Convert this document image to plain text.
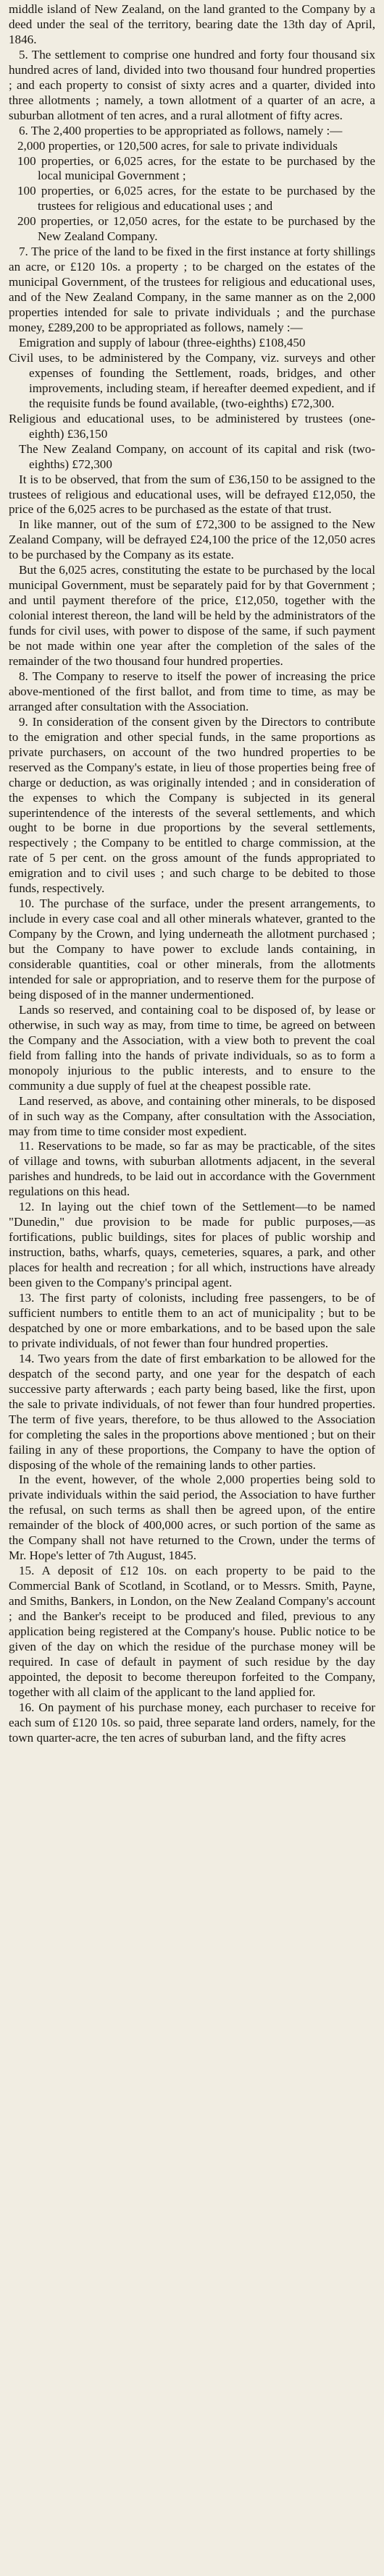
middle island of New Zealand, on the land granted to the Company by a deed under the seal of the territory, bearing date the 13th day of April, 1846.

5. The settlement to comprise one hundred and forty four thousand six hundred acres of land, divided into two thousand four hundred properties ; and each property to consist of sixty acres and a quarter, divided into three allotments ; namely, a town allotment of a quarter of an acre, a suburban allotment of ten acres, and a rural allotment of fifty acres.

6. The 2,400 properties to be appropriated as follows, namely :—

2,000 properties, or 120,500 acres, for sale to private individuals

100 properties, or 6,025 acres, for the estate to be purchased by the local municipal Government ;

100 properties, or 6,025 acres, for the estate to be purchased by the trustees for religious and educational uses ; and

200 properties, or 12,050 acres, for the estate to be purchased by the New Zealand Company.

7. The price of the land to be fixed in the first instance at forty shillings an acre, or £120 10s. a property ; to be charged on the estates of the municipal Government, of the trustees for religious and educational uses, and of the New Zealand Company, in the same manner as on the 2,000 properties intended for sale to private individuals ; and the purchase money, £289,200 to be appropriated as follows, namely :—

Emigration and supply of labour (three-eighths) £108,450

Civil uses, to be administered by the Company, viz. surveys and other expenses of founding the Settlement, roads, bridges, and other improvements, including steam, if hereafter deemed expedient, and if the requisite funds be found available, (two-eighths) £72,300.

Religious and educational uses, to be administered by trustees (one-eighth) £36,150

The New Zealand Company, on account of its capital and risk (two-eighths) £72,300

It is to be observed, that from the sum of £36,150 to be assigned to the trustees of religious and educational uses, will be defrayed £12,050, the price of the 6,025 acres to be purchased as the estate of that trust.

In like manner, out of the sum of £72,300 to be assigned to the New Zealand Company, will be defrayed £24,100 the price of the 12,050 acres to be purchased by the Company as its estate.

But the 6,025 acres, constituting the estate to be purchased by the local municipal Government, must be separately paid for by that Government ; and until payment therefore of the price, £12,050, together with the colonial interest thereon, the land will be held by the administrators of the funds for civil uses, with power to dispose of the same, if such payment be not made within one year after the completion of the sales of the remainder of the two thousand four hundred properties.

8. The Company to reserve to itself the power of increasing the price above-mentioned of the first ballot, and from time to time, as may be arranged after consultation with the Association.

9. In consideration of the consent given by the Directors to contribute to the emigration and other special funds, in the same proportions as private purchasers, on account of the two hundred properties to be reserved as the Company's estate, in lieu of those properties being free of charge or deduction, as was originally intended ; and in consideration of the expenses to which the Company is subjected in its general superintendence of the interests of the several settlements, and which ought to be borne in due proportions by the several settlements, respectively ; the Company to be entitled to charge commission, at the rate of 5 per cent. on the gross amount of the funds appropriated to emigration and to civil uses ; and such charge to be debited to those funds, respectively.

10. The purchase of the surface, under the present arrangements, to include in every case coal and all other minerals whatever, granted to the Company by the Crown, and lying underneath the allotment purchased ; but the Company to have power to exclude lands containing, in considerable quantities, coal or other minerals, from the allotments intended for sale or appropriation, and to reserve them for the purpose of being disposed of in the manner undermentioned.

Lands so reserved, and containing coal to be disposed of, by lease or otherwise, in such way as may, from time to time, be agreed on between the Company and the Association, with a view both to prevent the coal field from falling into the hands of private individuals, so as to form a monopoly injurious to the public interests, and to ensure to the community a due supply of fuel at the cheapest possible rate.

Land reserved, as above, and containing other minerals, to be disposed of in such way as the Company, after consultation with the Association, may from time to time consider most expedient.

11. Reservations to be made, so far as may be practicable, of the sites of village and towns, with suburban allotments adjacent, in the several parishes and hundreds, to be laid out in accordance with the Government regulations on this head.

12. In laying out the chief town of the Settlement—to be named "Dunedin," due provision to be made for public purposes,—as fortifications, public buildings, sites for places of public worship and instruction, baths, wharfs, quays, cemeteries, squares, a park, and other places for health and recreation ; for all which, instructions have already been given to the Company's principal agent.

13. The first party of colonists, including free passengers, to be of sufficient numbers to entitle them to an act of municipality ; but to be despatched by one or more embarkations, and to be based upon the sale to private individuals, of not fewer than four hundred properties.

14. Two years from the date of first embarkation to be allowed for the despatch of the second party, and one year for the despatch of each successive party afterwards ; each party being based, like the first, upon the sale to private individuals, of not fewer than four hundred properties. The term of five years, therefore, to be thus allowed to the Association for completing the sales in the proportions above mentioned ; but on their failing in any of these proportions, the Company to have the option of disposing of the whole of the remaining lands to other parties.

In the event, however, of the whole 2,000 properties being sold to private individuals within the said period, the Association to have further the refusal, on such terms as shall then be agreed upon, of the entire remainder of the block of 400,000 acres, or such portion of the same as the Company shall not have returned to the Crown, under the terms of Mr. Hope's letter of 7th August, 1845.

15. A deposit of £12 10s. on each property to be paid to the Commercial Bank of Scotland, in Scotland, or to Messrs. Smith, Payne, and Smiths, Bankers, in London, on the New Zealand Company's account ; and the Banker's receipt to be produced and filed, previous to any application being registered at the Company's house. Public notice to be given of the day on which the residue of the purchase money will be required. In case of default in payment of such residue by the day appointed, the deposit to become thereupon forfeited to the Company, together with all claim of the applicant to the land applied for.

16. On payment of his purchase money, each purchaser to receive for each sum of £120 10s. so paid, three separate land orders, namely, for the town quarter-acre, the ten acres of suburban land, and the fifty acres
